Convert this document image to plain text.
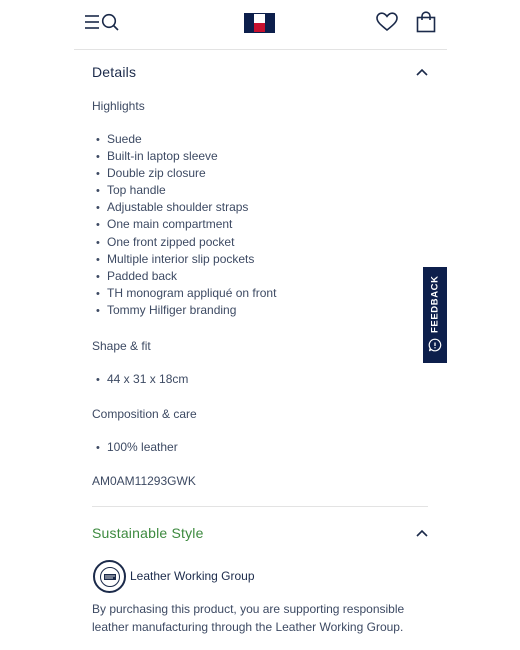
Details
Highlights
• Suede
• Built-in laptop sleeve
• Double zip closure
• Top handle
• Adjustable shoulder straps
• One main compartment
• One front zipped pocket
• Multiple interior slip pockets
• Padded back
• TH monogram appliqué on front
• Tommy Hilfiger branding
Shape & fit
• 44 x 31 x 18cm
Composition & care
• 100% leather
AM0AM11293GWK
Sustainable Style
Leather Working Group
By purchasing this product, you are supporting responsible leather manufacturing through the Leather Working Group.
FEEDBACK
